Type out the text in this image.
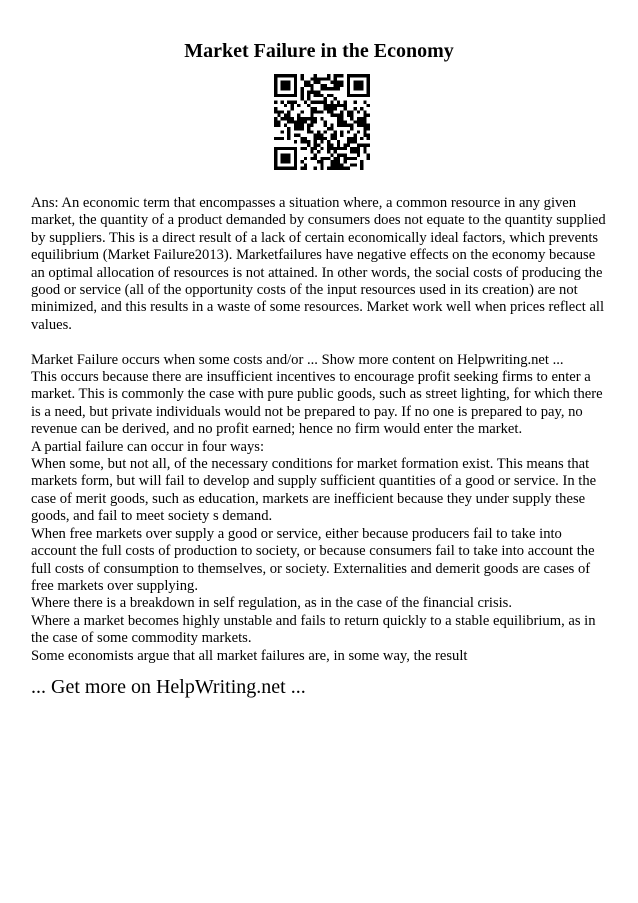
Market Failure in the Economy

Ans: An economic term that encompasses a situation where, a common resource in any given market, the quantity of a product demanded by consumers does not equate to the quantity supplied by suppliers. This is a direct result of a lack of certain economically ideal factors, which prevents equilibrium (Market Failure2013). Marketfailures have negative effects on the economy because an optimal allocation of resources is not attained. In other words, the social costs of producing the good or service (all of the opportunity costs of the input resources used in its creation) are not minimized, and this results in a waste of some resources. Market work well when prices reflect all values.

Market Failure occurs when some costs and/or ... Show more content on Helpwriting.net ...

This occurs because there are insufficient incentives to encourage profit seeking firms to enter a market. This is commonly the case with pure public goods, such as street lighting, for which there is a need, but private individuals would not be prepared to pay. If no one is prepared to pay, no revenue can be derived, and no profit earned; hence no firm would enter the market.

A partial failure can occur in four ways:

When some, but not all, of the necessary conditions for market formation exist. This means that markets form, but will fail to develop and supply sufficient quantities of a good or service. In the case of merit goods, such as education, markets are inefficient because they under supply these goods, and fail to meet society s demand.

When free markets over supply a good or service, either because producers fail to take into account the full costs of production to society, or because consumers fail to take into account the full costs of consumption to themselves, or society. Externalities and demerit goods are cases of free markets over supplying.

Where there is a breakdown in self regulation, as in the case of the financial crisis.

Where a market becomes highly unstable and fails to return quickly to a stable equilibrium, as in the case of some commodity markets.

Some economists argue that all market failures are, in some way, the result

... Get more on HelpWriting.net ...
